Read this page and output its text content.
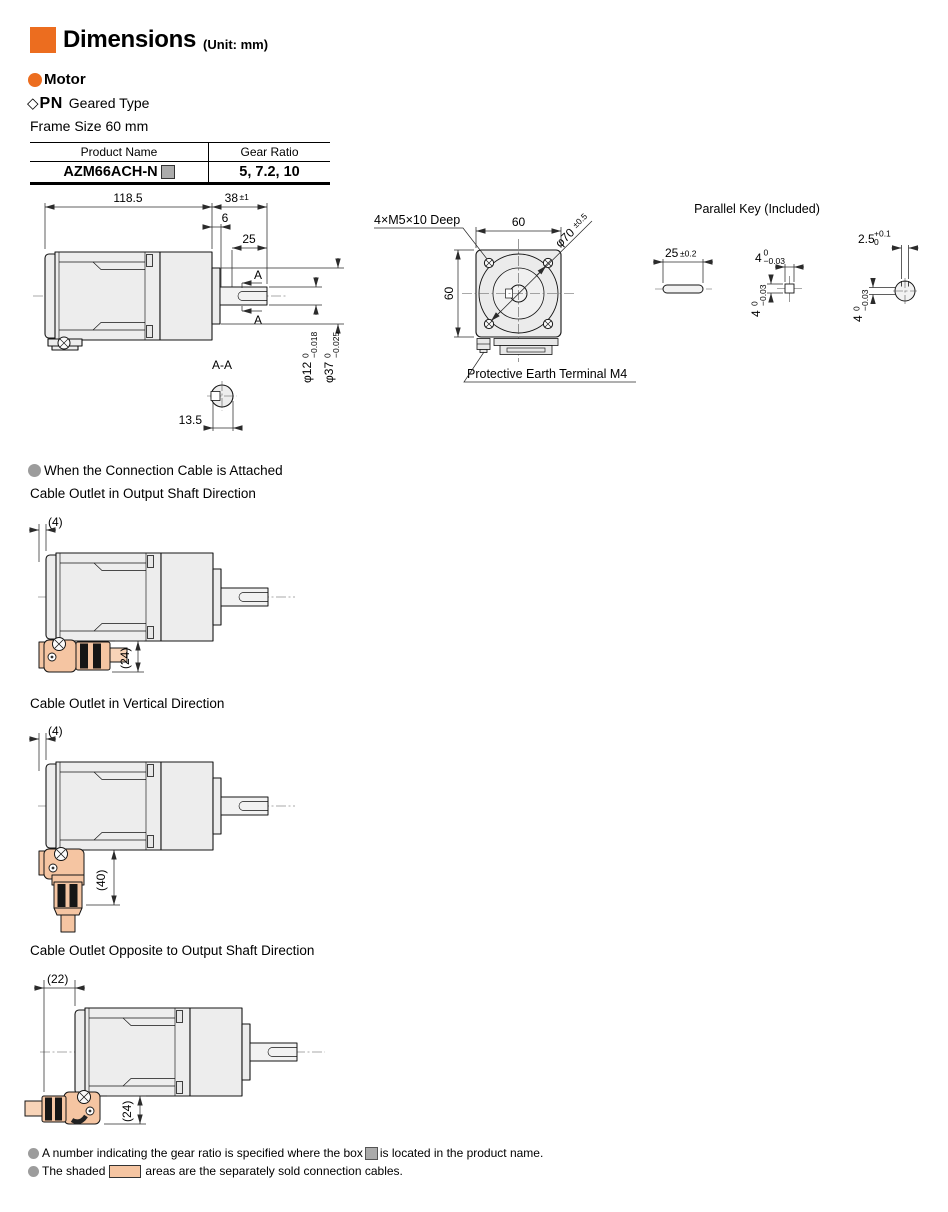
Dimensions (Unit: mm)
Motor
◇ PN Geared Type
Frame Size 60 mm
Product Name	Gear Ratio
AZM66ACH-N	5, 7.2, 10
118.5	38 ±1
6
25
A
A
φ12
0
−0.018
φ37
0
−0.025
A-A
13.5
φ70
±0.5
60
60
4×M5×10 Deep
Protective Earth Terminal M4
Parallel Key (Included)
25 ±0.2	4 0
−0.03
4
0
−0.03
2.5 +0.1
0
4
0
−0.03
When the Connection Cable is Attached
Cable Outlet in Output Shaft Direction
(4)
(24)
Cable Outlet in Vertical Direction
(4)
(40)
Cable Outlet Opposite to Output Shaft Direction
(22)
(24)
A number indicating the gear ratio is specified where the box is located in the product name.
The shaded	areas are the separately sold connection cables.
